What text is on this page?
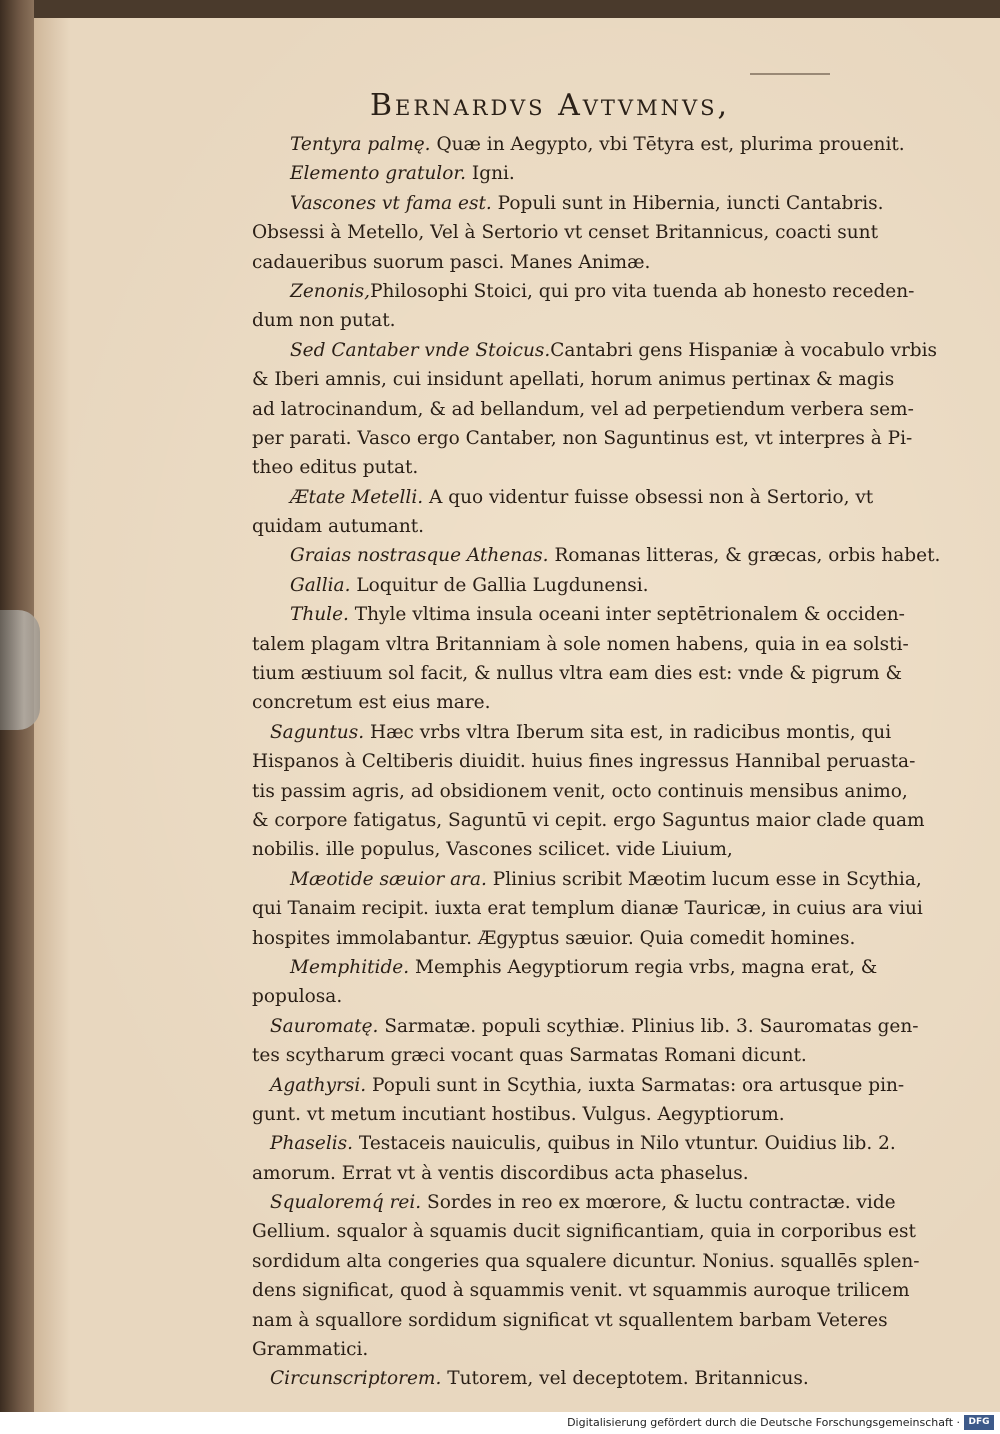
Bernardvs Avtvmnvs,
Tentyra palmę. Quæ in Aegypto, vbi Tētyra est, plurima prouenit.
Elemento gratulor. Igni.
Vascones vt fama est. Populi sunt in Hibernia, iuncti Cantabris.
Obsessi à Metello, Vel à Sertorio vt censet Britannicus, coacti sunt
cadaueribus suorum pasci. Manes Animæ.
Zenonis,Philosophi Stoici, qui pro vita tuenda ab honesto receden-
dum non putat.
Sed Cantaber vnde Stoicus.Cantabri gens Hispaniæ à vocabulo vrbis
& Iberi amnis, cui insidunt apellati, horum animus pertinax & magis
ad latrocinandum, & ad bellandum, vel ad perpetiendum verbera sem-
per parati. Vasco ergo Cantaber, non Saguntinus est, vt interpres à Pi-
theo editus putat.
Ætate Metelli. A quo videntur fuisse obsessi non à Sertorio, vt
quidam autumant.
Graias nostrasque Athenas. Romanas litteras, & græcas, orbis habet.
Gallia. Loquitur de Gallia Lugdunensi.
Thule. Thyle vltima insula oceani inter septētrionalem & occiden-
talem plagam vltra Britanniam à sole nomen habens, quia in ea solsti-
tium æstiuum sol facit, & nullus vltra eam dies est: vnde & pigrum &
concretum est eius mare.
Saguntus. Hæc vrbs vltra Iberum sita est, in radicibus montis, qui
Hispanos à Celtiberis diuidit. huius fines ingressus Hannibal peruasta-
tis passim agris, ad obsidionem venit, octo continuis mensibus animo,
& corpore fatigatus, Saguntū vi cepit. ergo Saguntus maior clade quam
nobilis. ille populus, Vascones scilicet. vide Liuium,
Mæotide sæuior ara. Plinius scribit Mæotim lucum esse in Scythia,
qui Tanaim recipit. iuxta erat templum dianæ Tauricæ, in cuius ara viui
hospites immolabantur. Ægyptus sæuior. Quia comedit homines.
Memphitide. Memphis Aegyptiorum regia vrbs, magna erat, &
populosa.
Sauromatę. Sarmatæ. populi scythiæ. Plinius lib. 3. Sauromatas gen-
tes scytharum græci vocant quas Sarmatas Romani dicunt.
Agathyrsi. Populi sunt in Scythia, iuxta Sarmatas: ora artusque pin-
gunt. vt metum incutiant hostibus. Vulgus. Aegyptiorum.
Phaselis. Testaceis nauiculis, quibus in Nilo vtuntur. Ouidius lib. 2.
amorum. Errat vt à ventis discordibus acta phaselus.
Squaloremq́ rei. Sordes in reo ex mœrore, & luctu contractæ. vide
Gellium. squalor à squamis ducit significantiam, quia in corporibus est
sordidum alta congeries qua squalere dicuntur. Nonius. squallēs splen-
dens significat, quod à squammis venit. vt squammis auroque trilicem
nam à squallore sordidum significat vt squallentem barbam Veteres
Grammatici.
Circunscriptorem. Tutorem, vel deceptotem. Britannicus.
Digitalisierung gefördert durch die Deutsche Forschungsgemeinschaft · DFG
